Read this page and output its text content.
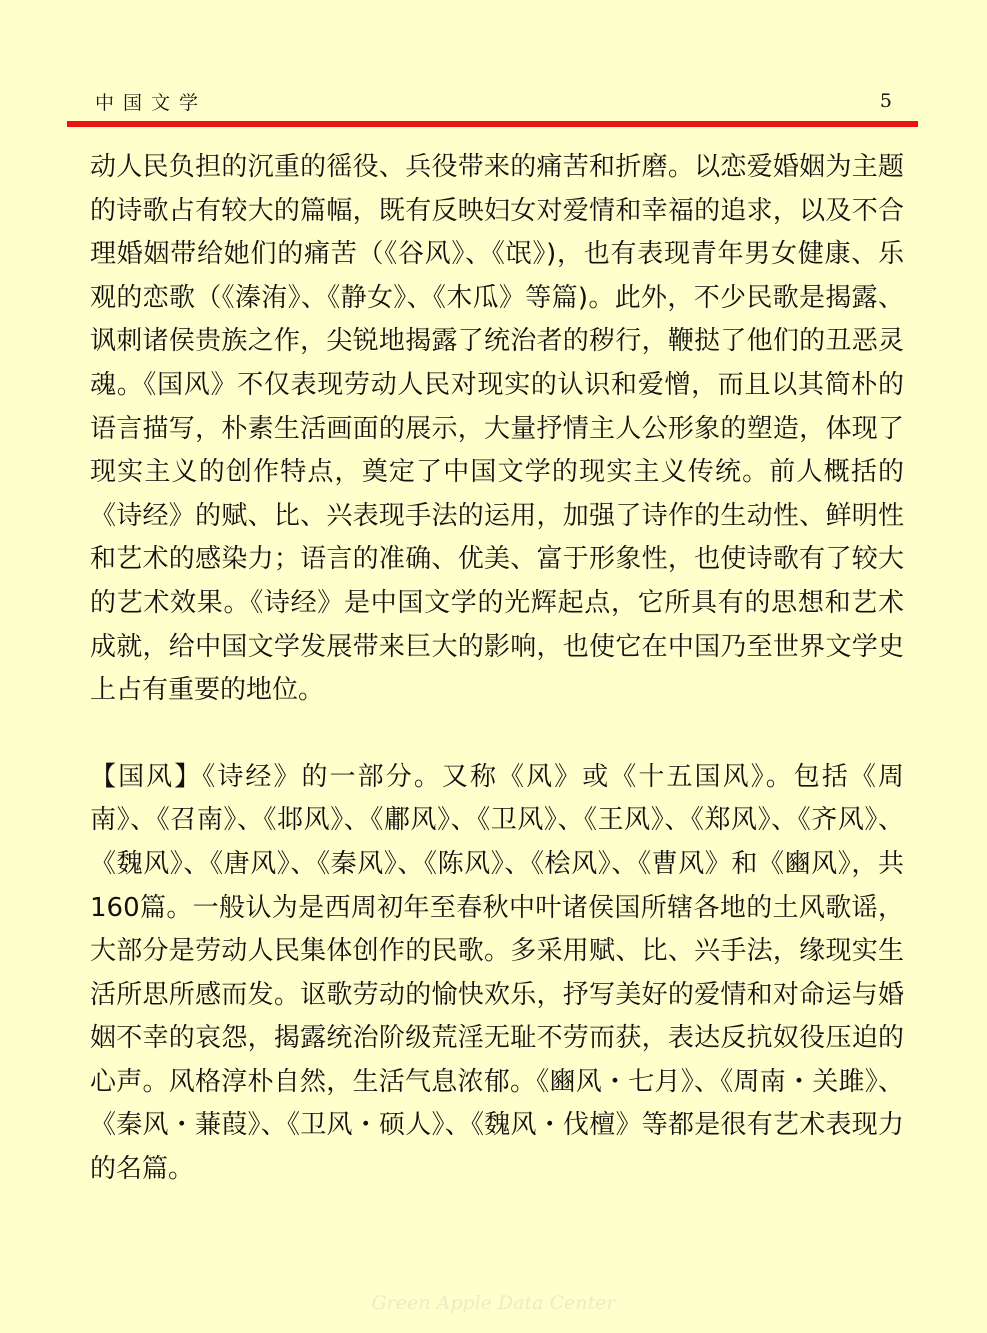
中国文学	5

动人民负担的沉重的徭役、兵役带来的痛苦和折磨。以恋爱婚姻为主题的诗歌占有较大的篇幅，既有反映妇女对爱情和幸福的追求，以及不合理婚姻带给她们的痛苦（《谷风》、《氓》)，也有表现青年男女健康、乐观的恋歌（《溱洧》、《静女》、《木瓜》等篇)。此外，不少民歌是揭露、讽刺诸侯贵族之作，尖锐地揭露了统治者的秽行，鞭挞了他们的丑恶灵魂。《国风》不仅表现劳动人民对现实的认识和爱憎，而且以其简朴的语言描写，朴素生活画面的展示，大量抒情主人公形象的塑造，体现了现实主义的创作特点，奠定了中国文学的现实主义传统。前人概括的《诗经》的赋、比、兴表现手法的运用，加强了诗作的生动性、鲜明性和艺术的感染力；语言的准确、优美、富于形象性，也使诗歌有了较大的艺术效果。《诗经》是中国文学的光辉起点，它所具有的思想和艺术成就，给中国文学发展带来巨大的影响，也使它在中国乃至世界文学史上占有重要的地位。

【国风】《诗经》的一部分。又称《风》或《十五国风》。包括《周南》、《召南》、《邶风》、《鄘风》、《卫风》、《王风》、《郑风》、《齐风》、《魏风》、《唐风》、《秦风》、《陈风》、《桧风》、《曹风》和《豳风》，共160篇。一般认为是西周初年至春秋中叶诸侯国所辖各地的土风歌谣，大部分是劳动人民集体创作的民歌。多采用赋、比、兴手法，缘现实生活所思所感而发。讴歌劳动的愉快欢乐，抒写美好的爱情和对命运与婚姻不幸的哀怨，揭露统治阶级荒淫无耻不劳而获，表达反抗奴役压迫的心声。风格淳朴自然，生活气息浓郁。《豳风・七月》、《周南・关雎》、《秦风・蒹葭》、《卫风・硕人》、《魏风・伐檀》等都是很有艺术表现力的名篇。

Green Apple Data Center
